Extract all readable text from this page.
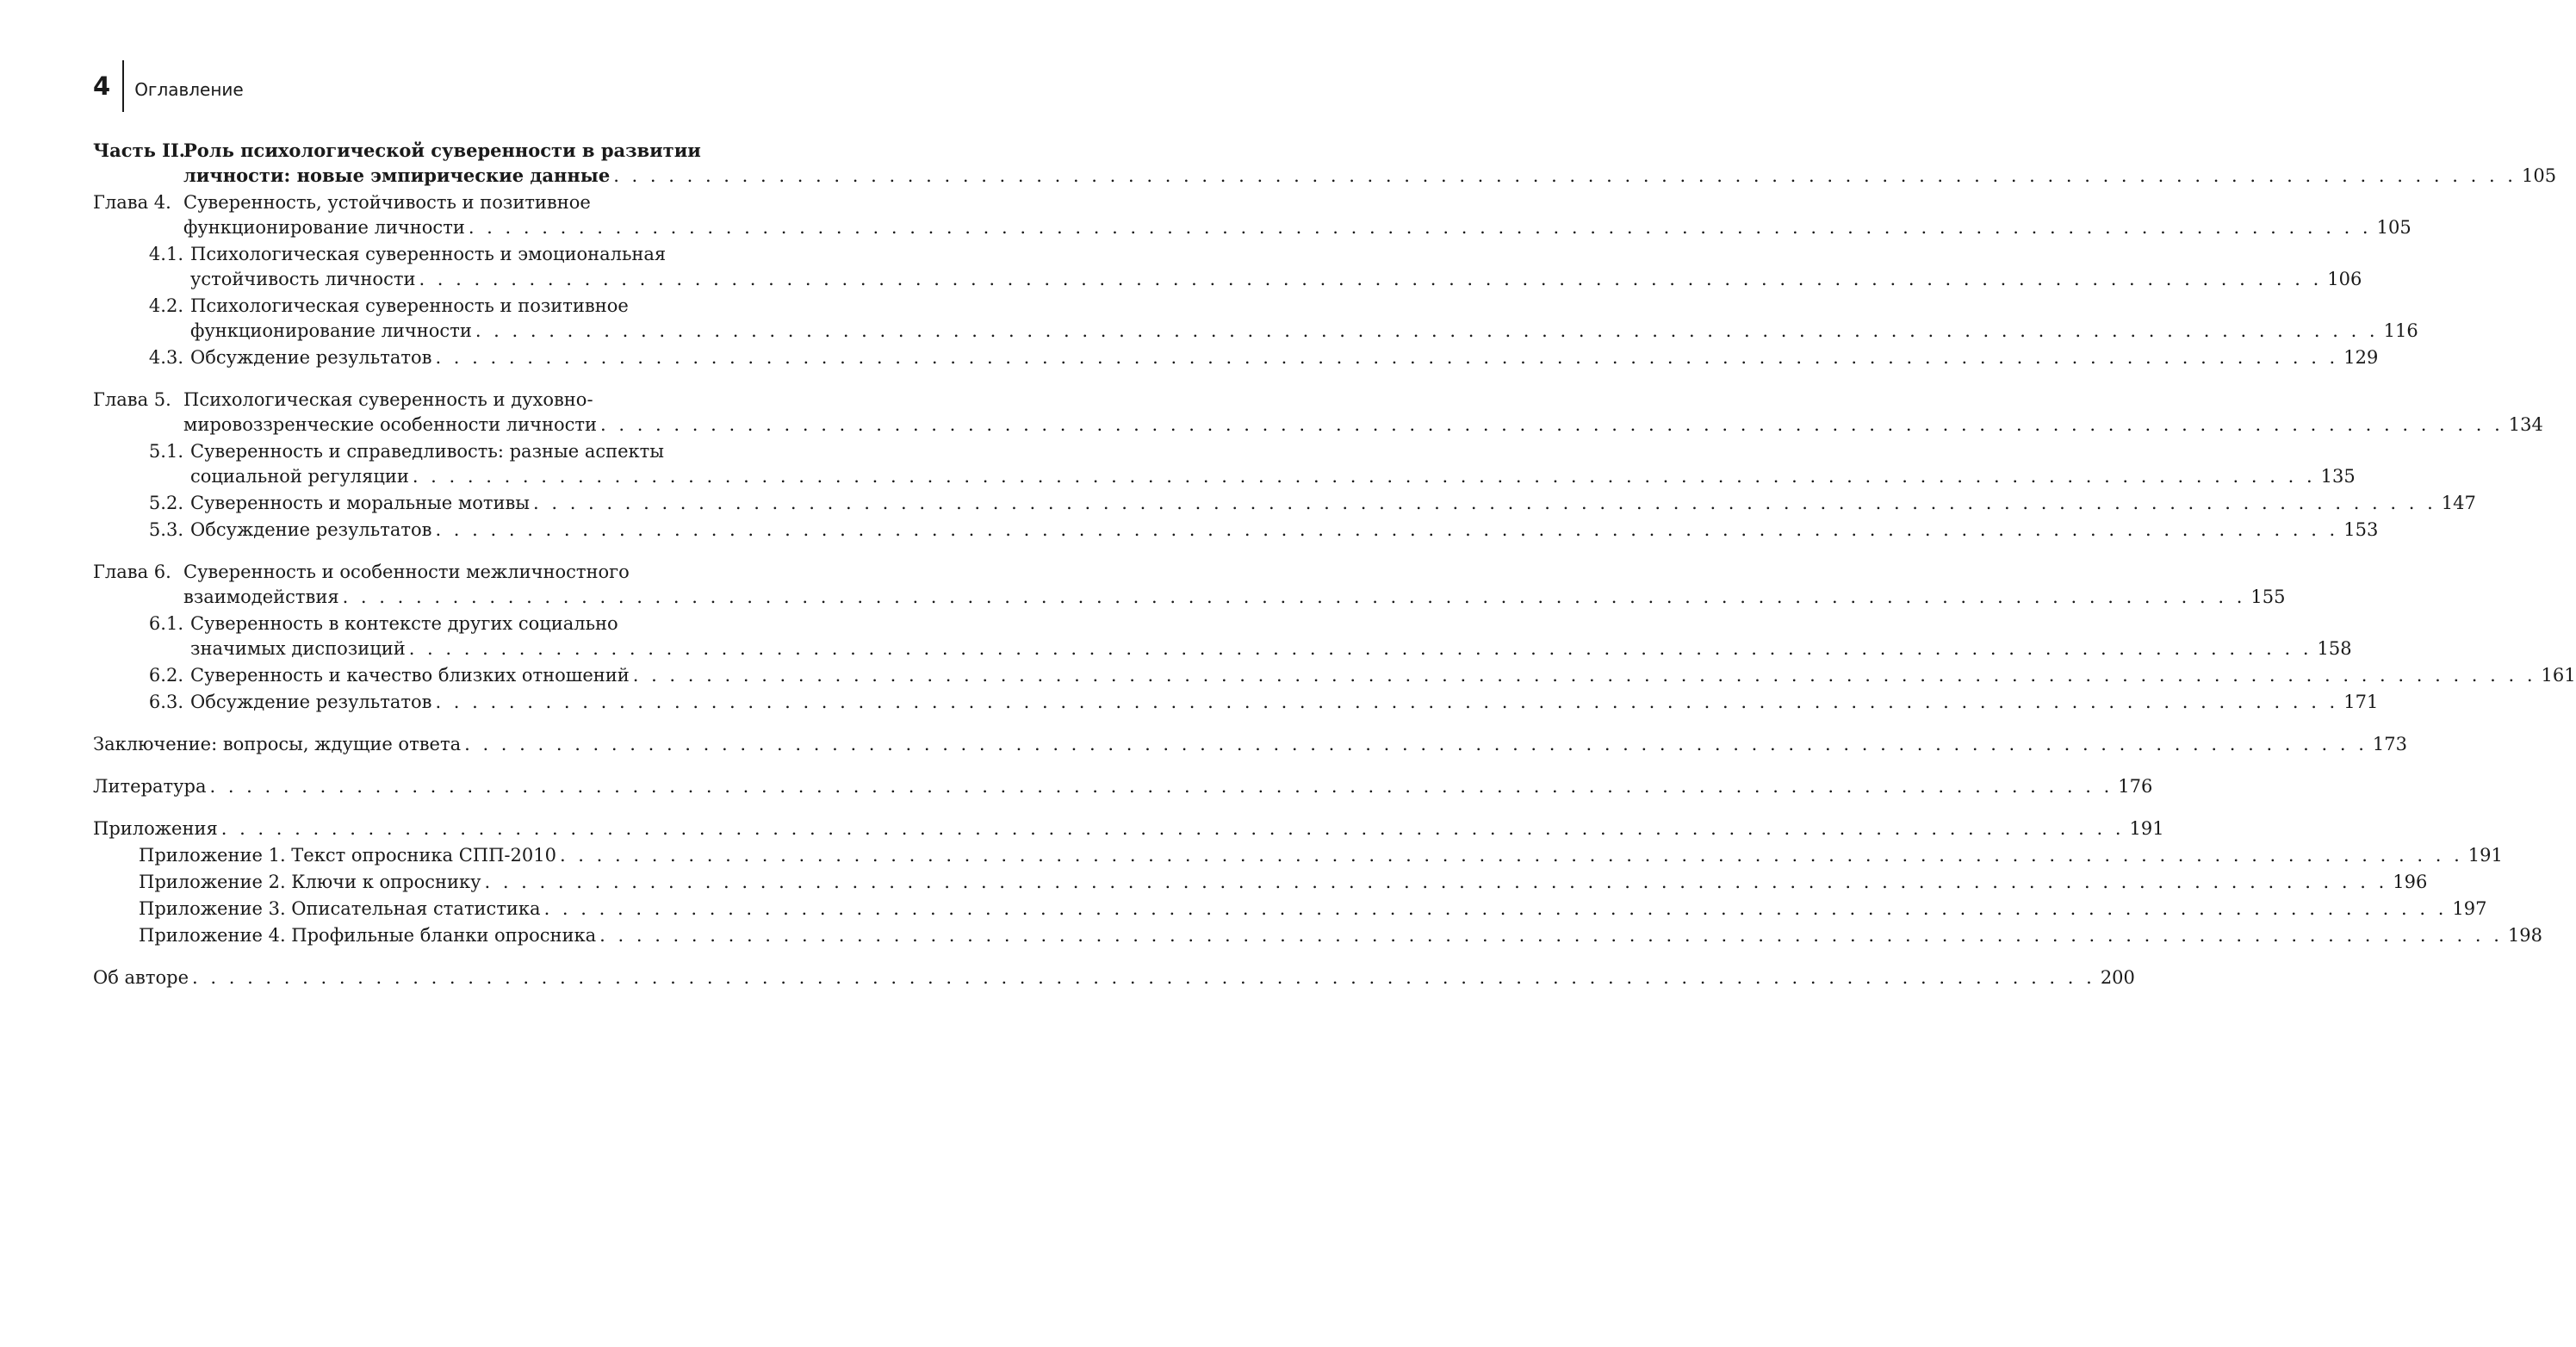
4	Оглавление
Часть II.
Роль психологической суверенности в развитии
личности: новые эмпирические данные . . .	105
Глава 4. Суверенность, устойчивость и позитивное
функционирование личности . . .	105
4.1. Психологическая суверенность и эмоциональная
устойчивость личности . . .	106
4.2. Психологическая суверенность и позитивное
функционирование личности . . .	116
4.3. Обсуждение результатов . . .	129
Глава 5. Психологическая суверенность и духовно-
мировоззренческие особенности личности . . .	134
5.1. Суверенность и справедливость: разные аспекты
социальной регуляции . . .	135
5.2. Суверенность и моральные мотивы . . .	147
5.3. Обсуждение результатов . . .	153
Глава 6. Суверенность и особенности межличностного
взаимодействия . . .	155
6.1. Суверенность в контексте других социально
значимых диспозиций . . .	158
6.2. Суверенность и качество близких отношений . . .	161
6.3. Обсуждение результатов . . .	171
Заключение: вопросы, ждущие ответа . . .	173
Литература . . .	176
Приложения . . .	191
Приложение 1. Текст опросника СПП-2010 . . .	191
Приложение 2. Ключи к опроснику . . .	196
Приложение 3. Описательная статистика . . .	197
Приложение 4. Профильные бланки опросника . . .	198
Об авторе . . .	200
